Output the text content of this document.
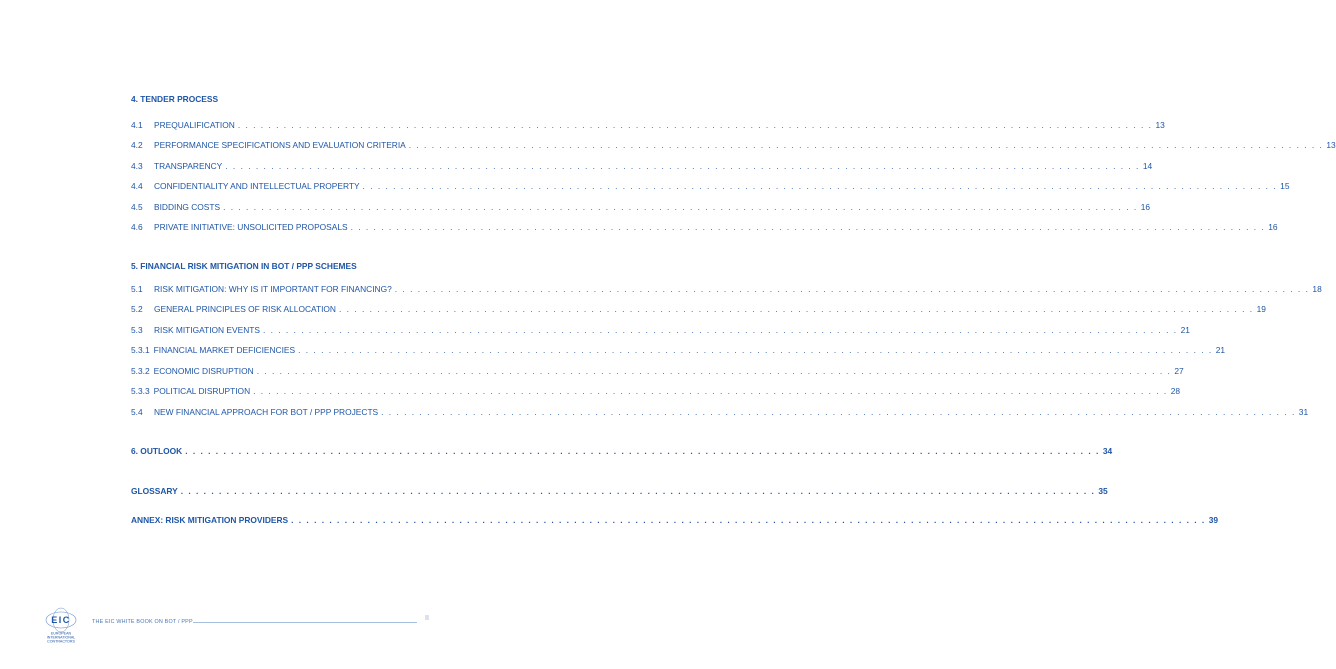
4. TENDER PROCESS
4.1	PREQUALIFICATION . . . . . . . . . . . . . . . . . . . . . . . . . . . . . . . . . . . . . . . . . . . . . . . . . . . . . . . . . . . . . . . . . . . . . . . . . . . . . . . . . . . . . . . . . . . . . . . . . . . . . . . . . . . . . . . . . . . . . . . . 13
4.2	PERFORMANCE SPECIFICATIONS AND EVALUATION CRITERIA . . . . . . . . . . . . . . . . . . . . . . . . . . . . . . . . . . . . . . . . . . . . . . . . . . . . . . . . . . . . . . . . . . . . . . . . . . . . . . . . . . . . . . . . . . . . . . . . . . . . . . . . . . . . . . . . . . . . . . . . 13
4.3	TRANSPARENCY . . . . . . . . . . . . . . . . . . . . . . . . . . . . . . . . . . . . . . . . . . . . . . . . . . . . . . . . . . . . . . . . . . . . . . . . . . . . . . . . . . . . . . . . . . . . . . . . . . . . . . . . . . . . . . . . . . . . . . . . 14
4.4	CONFIDENTIALITY AND INTELLECTUAL PROPERTY . . . . . . . . . . . . . . . . . . . . . . . . . . . . . . . . . . . . . . . . . . . . . . . . . . . . . . . . . . . . . . . . . . . . . . . . . . . . . . . . . . . . . . . . . . . . . . . . . . . . . . . . . . . . . . . . . . . . . . . . 15
4.5	BIDDING COSTS . . . . . . . . . . . . . . . . . . . . . . . . . . . . . . . . . . . . . . . . . . . . . . . . . . . . . . . . . . . . . . . . . . . . . . . . . . . . . . . . . . . . . . . . . . . . . . . . . . . . . . . . . . . . . . . . . . . . . . . . 16
4.6	PRIVATE INITIATIVE: UNSOLICITED PROPOSALS . . . . . . . . . . . . . . . . . . . . . . . . . . . . . . . . . . . . . . . . . . . . . . . . . . . . . . . . . . . . . . . . . . . . . . . . . . . . . . . . . . . . . . . . . . . . . . . . . . . . . . . . . . . . . . . . . . . . . . . . 16
5. FINANCIAL RISK MITIGATION IN BOT / PPP SCHEMES
5.1	RISK MITIGATION: WHY IS IT IMPORTANT FOR FINANCING? . . . . . . . . . . . . . . . . . . . . . . . . . . . . . . . . . . . . . . . . . . . . . . . . . . . . . . . . . . . . . . . . . . . . . . . . . . . . . . . . . . . . . . . . . . . . . . . . . . . . . . . . . . . . . . . . . . . . . . . . 18
5.2	GENERAL PRINCIPLES OF RISK ALLOCATION . . . . . . . . . . . . . . . . . . . . . . . . . . . . . . . . . . . . . . . . . . . . . . . . . . . . . . . . . . . . . . . . . . . . . . . . . . . . . . . . . . . . . . . . . . . . . . . . . . . . . . . . . . . . . . . . . . . . . . . . 19
5.3	RISK MITIGATION EVENTS . . . . . . . . . . . . . . . . . . . . . . . . . . . . . . . . . . . . . . . . . . . . . . . . . . . . . . . . . . . . . . . . . . . . . . . . . . . . . . . . . . . . . . . . . . . . . . . . . . . . . . . . . . . . . . . . . . . . . . . . 21
5.3.1 FINANCIAL MARKET DEFICIENCIES . . . . . . . . . . . . . . . . . . . . . . . . . . . . . . . . . . . . . . . . . . . . . . . . . . . . . . . . . . . . . . . . . . . . . . . . . . . . . . . . . . . . . . . . . . . . . . . . . . . . . . . . . . . . . . . . . . . . . . . . 21
5.3.2 ECONOMIC DISRUPTION . . . . . . . . . . . . . . . . . . . . . . . . . . . . . . . . . . . . . . . . . . . . . . . . . . . . . . . . . . . . . . . . . . . . . . . . . . . . . . . . . . . . . . . . . . . . . . . . . . . . . . . . . . . . . . . . . . . . . . . . 27
5.3.3 POLITICAL DISRUPTION . . . . . . . . . . . . . . . . . . . . . . . . . . . . . . . . . . . . . . . . . . . . . . . . . . . . . . . . . . . . . . . . . . . . . . . . . . . . . . . . . . . . . . . . . . . . . . . . . . . . . . . . . . . . . . . . . . . . . . . . 28
5.4	NEW FINANCIAL APPROACH FOR BOT / PPP PROJECTS . . . . . . . . . . . . . . . . . . . . . . . . . . . . . . . . . . . . . . . . . . . . . . . . . . . . . . . . . . . . . . . . . . . . . . . . . . . . . . . . . . . . . . . . . . . . . . . . . . . . . . . . . . . . . . . . . . . . . . . . 31
6. OUTLOOK . . . . . . . . . . . . . . . . . . . . . . . . . . . . . . . . . . . . . . . . . . . . . . . . . . . . . . . . . . . . . . . . . . . . . . . . . . . . . . . . . . . . . . . . . . . . . . . . . . . . . . . . . . . . . . . . . . . . . . . . 34
GLOSSARY . . . . . . . . . . . . . . . . . . . . . . . . . . . . . . . . . . . . . . . . . . . . . . . . . . . . . . . . . . . . . . . . . . . . . . . . . . . . . . . . . . . . . . . . . . . . . . . . . . . . . . . . . . . . . . . . . . . . . . . . 35
ANNEX: RISK MITIGATION PROVIDERS . . . . . . . . . . . . . . . . . . . . . . . . . . . . . . . . . . . . . . . . . . . . . . . . . . . . . . . . . . . . . . . . . . . . . . . . . . . . . . . . . . . . . . . . . . . . . . . . . . . . . . . . . . . . . . . . . . . . . . . . 39
EIC
EUROPEAN
INTERNATIONAL
CONTRACTORS
THE EIC WHITE BOOK ON BOT / PPP	II
